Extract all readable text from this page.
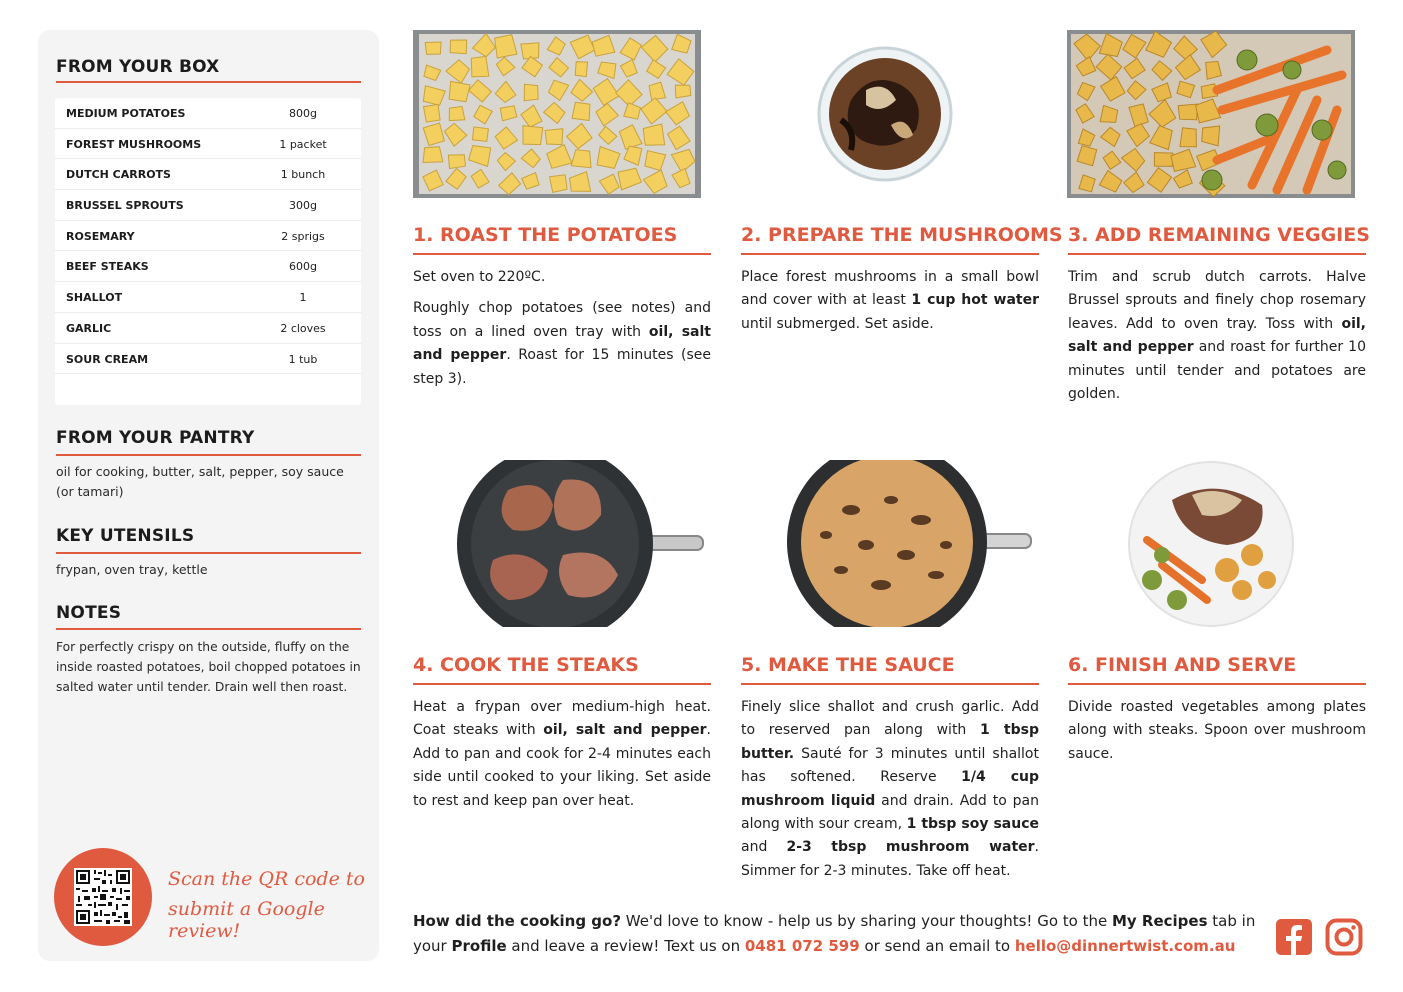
FROM YOUR BOX
MEDIUM POTATOES	800g
FOREST MUSHROOMS	1 packet
DUTCH CARROTS	1 bunch
BRUSSEL SPROUTS	300g
ROSEMARY	2 sprigs
BEEF STEAKS	600g
SHALLOT	1
GARLIC	2 cloves
SOUR CREAM	1 tub
FROM YOUR PANTRY
oil for cooking, butter, salt, pepper, soy sauce (or tamari)
KEY UTENSILS
frypan, oven tray, kettle
NOTES
For perfectly crispy on the outside, fluffy on the inside roasted potatoes, boil chopped potatoes in salted water until tender. Drain well then roast.
Scan the QR code to
submit a Google review!
1. ROAST THE POTATOES

Set oven to 220ºC.

Roughly chop potatoes (see notes) and toss on a lined oven tray with oil, salt and pepper. Roast for 15 minutes (see step 3).

2. PREPARE THE MUSHROOMS

Place forest mushrooms in a small bowl and cover with at least 1 cup hot water until submerged. Set aside.

3. ADD REMAINING VEGGIES

Trim and scrub dutch carrots. Halve Brussel sprouts and finely chop rosemary leaves. Add to oven tray. Toss with oil, salt and pepper and roast for further 10 minutes until tender and potatoes are golden.

4. COOK THE STEAKS

Heat a frypan over medium-high heat. Coat steaks with oil, salt and pepper. Add to pan and cook for 2-4 minutes each side until cooked to your liking. Set aside to rest and keep pan over heat.

5. MAKE THE SAUCE

Finely slice shallot and crush garlic. Add to reserved pan along with 1 tbsp butter. Sauté for 3 minutes until shallot has softened. Reserve 1/4 cup mushroom liquid and drain. Add to pan along with sour cream, 1 tbsp soy sauce and 2-3 tbsp mushroom water. Simmer for 2-3 minutes. Take off heat.

6. FINISH AND SERVE

Divide roasted vegetables among plates along with steaks. Spoon over mushroom sauce.

How did the cooking go? We'd love to know - help us by sharing your thoughts! Go to the My Recipes tab in your Profile and leave a review! Text us on 0481 072 599 or send an email to hello@dinnertwist.com.au
